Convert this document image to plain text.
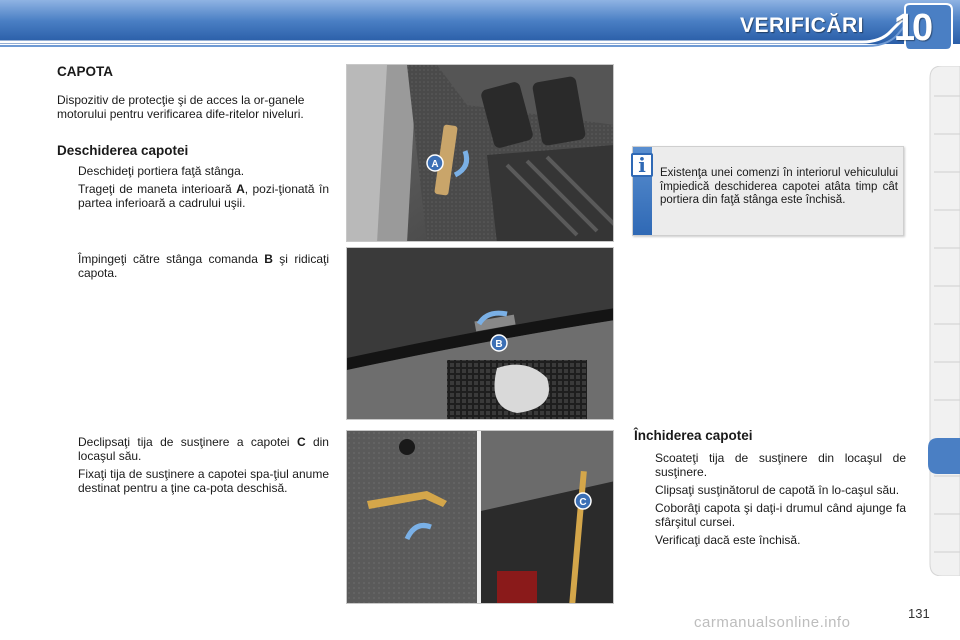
VERIFICĂRI 10
CAPOTA
Dispozitiv de protecţie şi de acces la or-ganele motorului pentru verificarea dife-ritelor niveluri.
Deschiderea capotei
Deschideţi portiera faţă stânga.
Trageţi de maneta interioară A, pozi-ţionată în partea inferioară a cadrului uşii.
Împingeţi către stânga comanda B şi ridicaţi capota.
Declipsaţi tija de susţinere a capotei C din locaşul său.
Fixaţi tija de susţinere a capotei spa-ţiul anume destinat pentru a ţine ca-pota deschisă.
A
B
C
i	Existenţa unei comenzi în interiorul vehiculului împiedică deschiderea capotei atâta timp cât portiera din faţă stânga este închisă.
Închiderea capotei
Scoateţi tija de susţinere din locaşul de susţinere.
Clipsaţi susţinătorul de capotă în lo-caşul său.
Coborâţi capota şi daţi-i drumul când ajunge fa sfârşitul cursei.
Verificaţi dacă este închisă.
131
carmanualsonline.info
